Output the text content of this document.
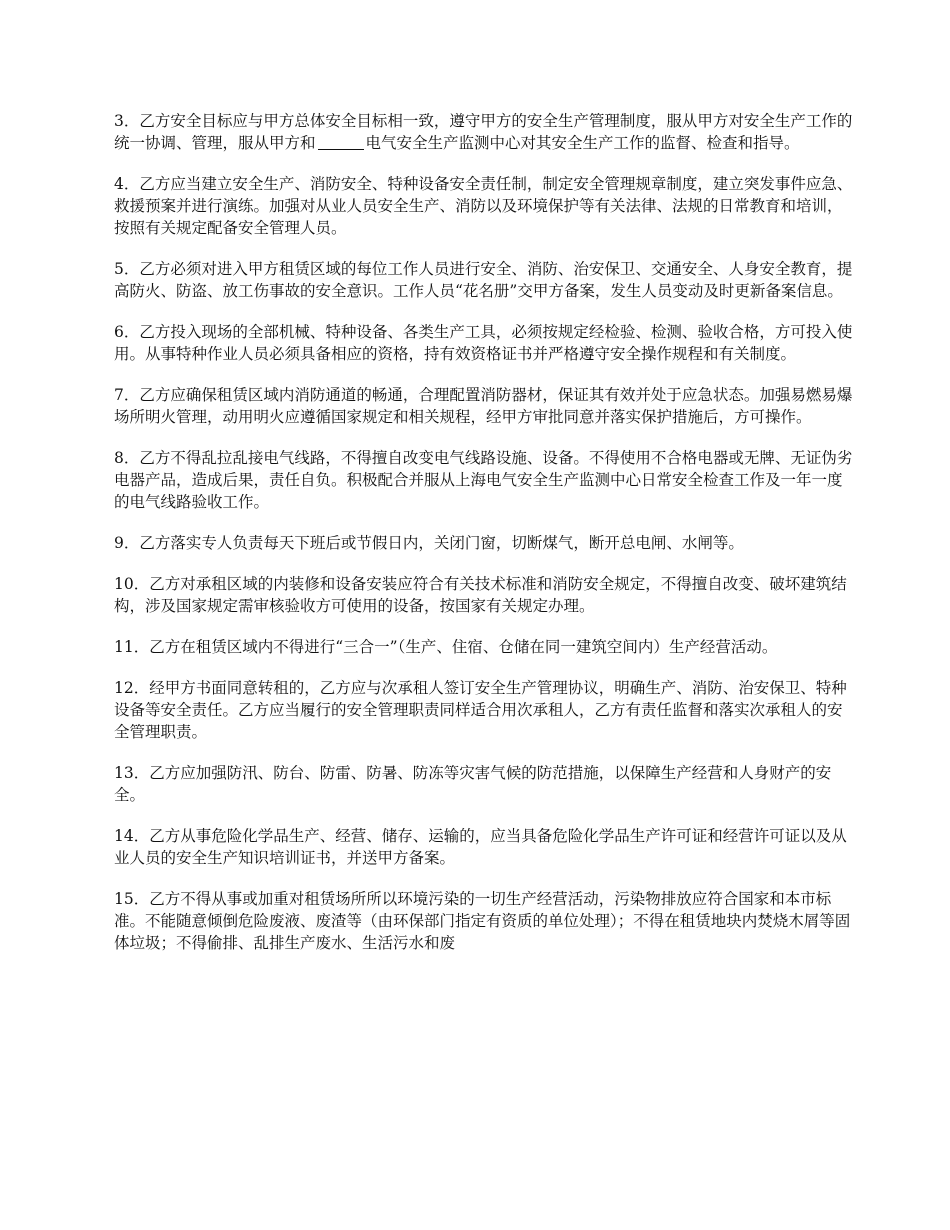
3．乙方安全目标应与甲方总体安全目标相一致，遵守甲方的安全生产管理制度，服从甲方对安全生产工作的统一协调、管理，服从甲方和	电气安全生产监测中心对其安全生产工作的监督、检查和指导。

4．乙方应当建立安全生产、消防安全、特种设备安全责任制，制定安全管理规章制度，建立突发事件应急、救援预案并进行演练。加强对从业人员安全生产、消防以及环境保护等有关法律、法规的日常教育和培训，按照有关规定配备安全管理人员。

5．乙方必须对进入甲方租赁区域的每位工作人员进行安全、消防、治安保卫、交通安全、人身安全教育，提高防火、防盗、放工伤事故的安全意识。工作人员“花名册”交甲方备案，发生人员变动及时更新备案信息。

6．乙方投入现场的全部机械、特种设备、各类生产工具，必须按规定经检验、检测、验收合格，方可投入使用。从事特种作业人员必须具备相应的资格，持有效资格证书并严格遵守安全操作规程和有关制度。

7．乙方应确保租赁区域内消防通道的畅通，合理配置消防器材，保证其有效并处于应急状态。加强易燃易爆场所明火管理，动用明火应遵循国家规定和相关规程，经甲方审批同意并落实保护措施后，方可操作。

8．乙方不得乱拉乱接电气线路，不得擅自改变电气线路设施、设备。不得使用不合格电器或无牌、无证伪劣电器产品，造成后果，责任自负。积极配合并服从上海电气安全生产监测中心日常安全检查工作及一年一度的电气线路验收工作。

9．乙方落实专人负责每天下班后或节假日内，关闭门窗，切断煤气，断开总电闸、水闸等。

10．乙方对承租区域的内装修和设备安装应符合有关技术标准和消防安全规定，不得擅自改变、破坏建筑结构，涉及国家规定需审核验收方可使用的设备，按国家有关规定办理。

11．乙方在租赁区域内不得进行“三合一”（生产、住宿、仓储在同一建筑空间内）生产经营活动。

12．经甲方书面同意转租的，乙方应与次承租人签订安全生产管理协议，明确生产、消防、治安保卫、特种设备等安全责任。乙方应当履行的安全管理职责同样适合用次承租人，乙方有责任监督和落实次承租人的安全管理职责。

13．乙方应加强防汛、防台、防雷、防暑、防冻等灾害气候的防范措施，以保障生产经营和人身财产的安全。

14．乙方从事危险化学品生产、经营、储存、运输的，应当具备危险化学品生产许可证和经营许可证以及从业人员的安全生产知识培训证书，并送甲方备案。

15．乙方不得从事或加重对租赁场所所以环境污染的一切生产经营活动，污染物排放应符合国家和本市标准。不能随意倾倒危险废液、废渣等（由环保部门指定有资质的单位处理）；不得在租赁地块内焚烧木屑等固体垃圾；不得偷排、乱排生产废水、生活污水和废
